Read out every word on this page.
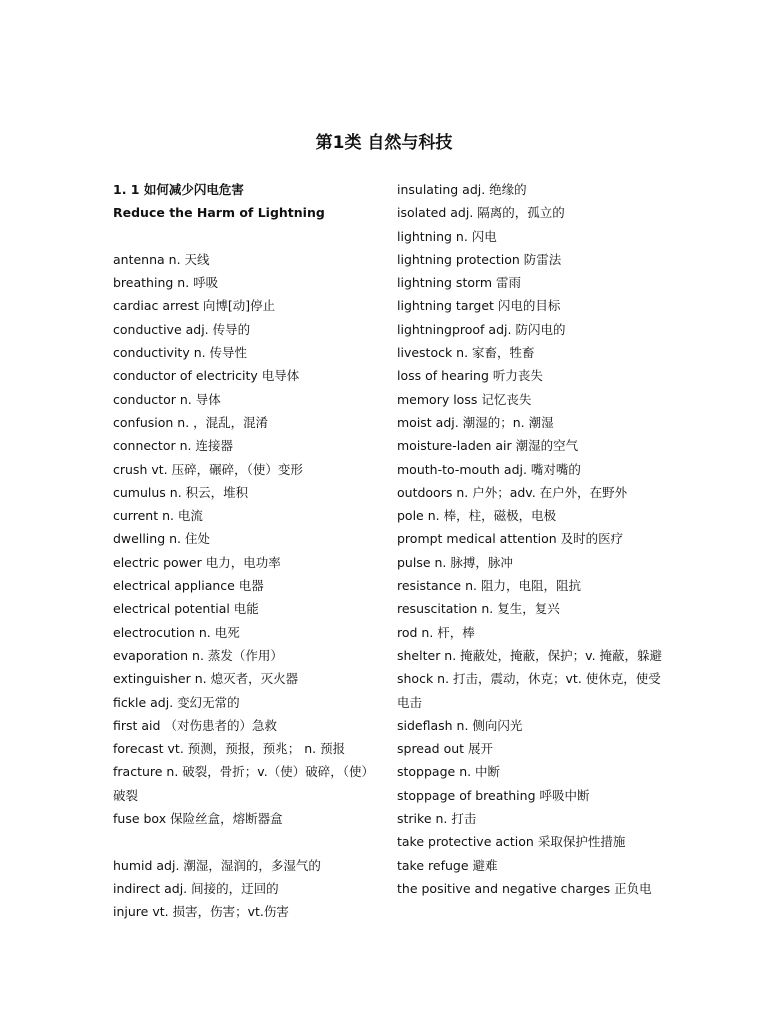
第1类 自然与科技

1. 1 如何减少闪电危害

Reduce the Harm of Lightning

antenna n. 天线

breathing n. 呼吸

cardiac arrest 向博[动]停止

conductive adj. 传导的

conductivity n. 传导性

conductor of electricity 电导体

conductor n. 导体

confusion n. ，混乱，混淆

connector n. 连接器

crush vt. 压碎，碾碎，（使）变形

cumulus n. 积云，堆积

current n. 电流

dwelling n. 住处

electric power 电力，电功率

electrical appliance 电器

electrical potential 电能

electrocution n. 电死

evaporation n. 蒸发（作用）

extinguisher n. 熄灭者，灭火器

fickle adj. 变幻无常的

first aid （对伤患者的）急救

forecast vt. 预测，预报，预兆； n. 预报

fracture n. 破裂，骨折；v.（使）破碎，（使）破裂

fuse box 保险丝盒，熔断器盒

humid adj. 潮湿，湿润的，多湿气的

indirect adj. 间接的，迂回的

injure vt. 损害，伤害；vt.伤害

insulating adj. 绝缘的

isolated adj. 隔离的，孤立的

lightning n. 闪电

lightning protection 防雷法

lightning storm 雷雨

lightning target 闪电的目标

lightningproof adj. 防闪电的

livestock n. 家畜，牲畜

loss of hearing 听力丧失

memory loss 记忆丧失

moist adj. 潮湿的；n. 潮湿

moisture-laden air 潮湿的空气

mouth-to-mouth adj. 嘴对嘴的

outdoors n. 户外；adv. 在户外，在野外

pole n. 棒，柱，磁极，电极

prompt medical attention 及时的医疗

pulse n. 脉搏，脉冲

resistance n. 阻力，电阻，阻抗

resuscitation n. 复生，复兴

rod n. 杆，棒

shelter n. 掩蔽处，掩蔽，保护；v. 掩蔽，躲避

shock n. 打击，震动，休克；vt. 使休克，使受电击

sideflash n. 侧向闪光

spread out 展开

stoppage n. 中断

stoppage of breathing 呼吸中断

strike n. 打击

take protective action 采取保护性措施

take refuge 避难

the positive and negative charges 正负电
